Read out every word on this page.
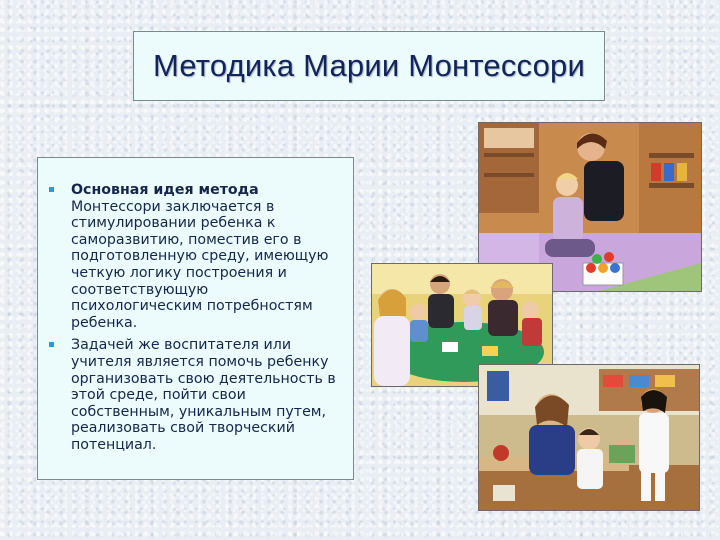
Методика Марии Монтессори
Основная идея метода Монтессори заключается в стимулировании ребенка к саморазвитию, поместив его в подготовленную среду, имеющую четкую логику построения и соответствующую психологическим потребностям ребенка.
Задачей же воспитателя или учителя является помочь ребенку организовать свою деятельность в этой среде, пойти свои собственным, уникальным путем, реализовать свой творческий потенциал.
